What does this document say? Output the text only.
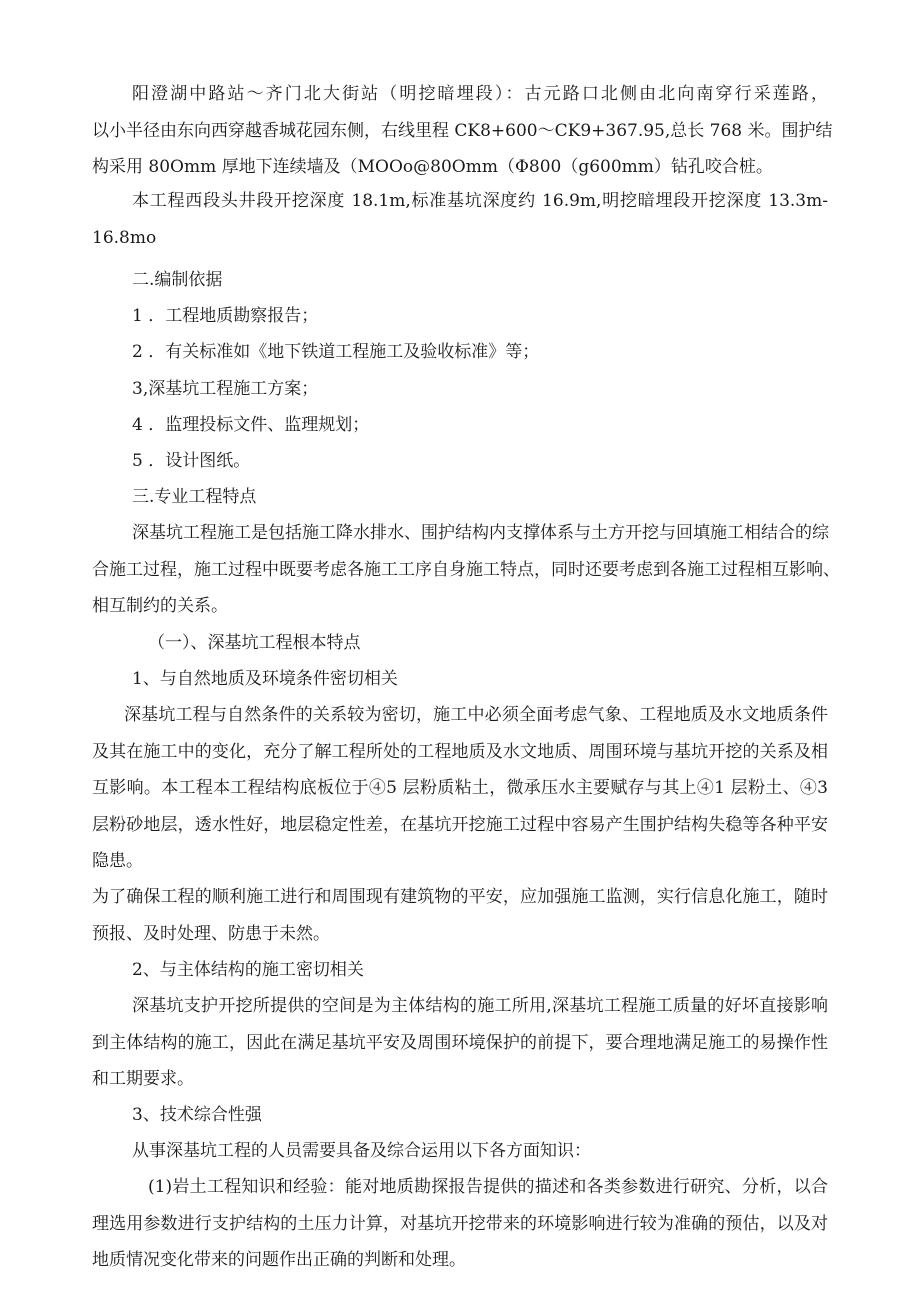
阳澄湖中路站～齐门北大街站（明挖暗埋段）：古元路口北侧由北向南穿行采莲路，
以小半径由东向西穿越香城花园东侧，右线里程 CK8+600～CK9+367.95,总长 768 米。围护结
构采用 80Omm 厚地下连续墙及（MOOo@80Omm（Φ800（g600mm）钻孔咬合桩。
本工程西段头井段开挖深度 18.1m,标准基坑深度约 16.9m,明挖暗埋段开挖深度 13.3m-
16.8mo
二.编制依据
1 ．工程地质勘察报告；
2 ．有关标准如《地下铁道工程施工及验收标准》等；
3,深基坑工程施工方案；
4 ．监理投标文件、监理规划；
5 ．设计图纸。
三.专业工程特点
深基坑工程施工是包括施工降水排水、围护结构内支撑体系与土方开挖与回填施工相结合的综
合施工过程，施工过程中既要考虑各施工工序自身施工特点，同时还要考虑到各施工过程相互影响、
相互制约的关系。
（一）、深基坑工程根本特点
1、与自然地质及环境条件密切相关
深基坑工程与自然条件的关系较为密切，施工中必须全面考虑气象、工程地质及水文地质条件
及其在施工中的变化，充分了解工程所处的工程地质及水文地质、周围环境与基坑开挖的关系及相
互影响。本工程本工程结构底板位于④5 层粉质粘土，微承压水主要赋存与其上④1 层粉土、④3
层粉砂地层，透水性好，地层稳定性差，在基坑开挖施工过程中容易产生围护结构失稳等各种平安
隐患。
为了确保工程的顺利施工进行和周围现有建筑物的平安，应加强施工监测，实行信息化施工，随时
预报、及时处理、防患于未然。
2、与主体结构的施工密切相关
深基坑支护开挖所提供的空间是为主体结构的施工所用,深基坑工程施工质量的好坏直接影响
到主体结构的施工，因此在满足基坑平安及周围环境保护的前提下，要合理地满足施工的易操作性
和工期要求。
3、技术综合性强
从事深基坑工程的人员需要具备及综合运用以下各方面知识：
(1)岩土工程知识和经验：能对地质勘探报告提供的描述和各类参数进行研究、分析，以合
理选用参数进行支护结构的土压力计算，对基坑开挖带来的环境影响进行较为准确的预估，以及对
地质情况变化带来的问题作出正确的判断和处理。
